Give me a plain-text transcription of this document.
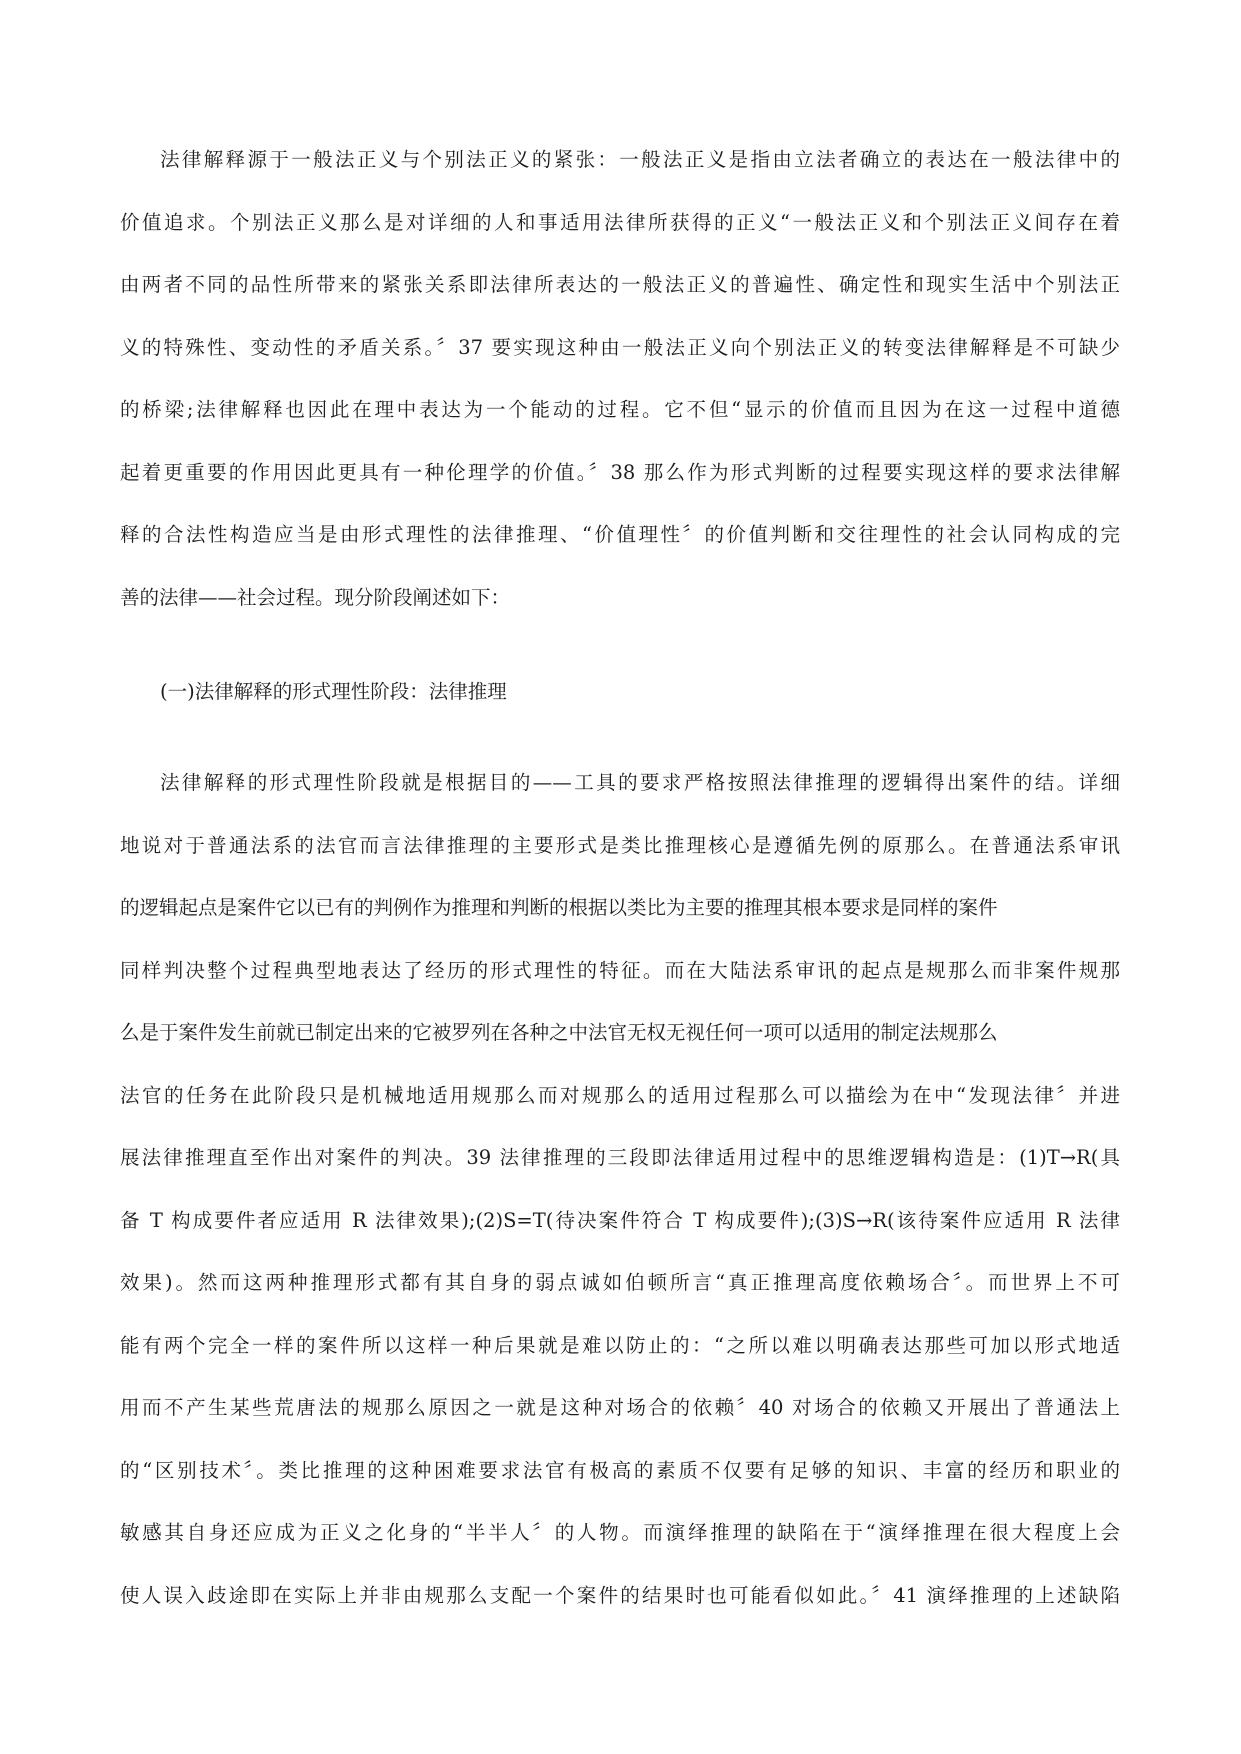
法律解释源于一般法正义与个别法正义的紧张：一般法正义是指由立法者确立的表达在一般法律中的
价值追求。个别法正义那么是对详细的人和事适用法律所获得的正义“一般法正义和个别法正义间存在着
由两者不同的品性所带来的紧张关系即法律所表达的一般法正义的普遍性、确定性和现实生活中个别法正
义的特殊性、变动性的矛盾关系。〞37 要实现这种由一般法正义向个别法正义的转变法律解释是不可缺少
的桥梁;法律解释也因此在理中表达为一个能动的过程。它不但“显示的价值而且因为在这一过程中道德
起着更重要的作用因此更具有一种伦理学的价值。〞38 那么作为形式判断的过程要实现这样的要求法律解
释的合法性构造应当是由形式理性的法律推理、“价值理性〞的价值判断和交往理性的社会认同构成的完
善的法律——社会过程。现分阶段阐述如下：
(一)法律解释的形式理性阶段：法律推理
法律解释的形式理性阶段就是根据目的——工具的要求严格按照法律推理的逻辑得出案件的结。详细
地说对于普通法系的法官而言法律推理的主要形式是类比推理核心是遵循先例的原那么。在普通法系审讯
的逻辑起点是案件它以已有的判例作为推理和判断的根据以类比为主要的推理其根本要求是同样的案件
同样判决整个过程典型地表达了经历的形式理性的特征。而在大陆法系审讯的起点是规那么而非案件规那
么是于案件发生前就已制定出来的它被罗列在各种之中法官无权无视任何一项可以适用的制定法规那么
法官的任务在此阶段只是机械地适用规那么而对规那么的适用过程那么可以描绘为在中“发现法律〞并进
展法律推理直至作出对案件的判决。39 法律推理的三段即法律适用过程中的思维逻辑构造是：(1)T→R(具
备 T 构成要件者应适用 R 法律效果);(2)S=T(待决案件符合 T 构成要件);(3)S→R(该待案件应适用 R 法律
效果)。然而这两种推理形式都有其自身的弱点诚如伯顿所言“真正推理高度依赖场合〞。而世界上不可
能有两个完全一样的案件所以这样一种后果就是难以防止的：“之所以难以明确表达那些可加以形式地适
用而不产生某些荒唐法的规那么原因之一就是这种对场合的依赖〞40 对场合的依赖又开展出了普通法上
的“区别技术〞。类比推理的这种困难要求法官有极高的素质不仅要有足够的知识、丰富的经历和职业的
敏感其自身还应成为正义之化身的“半半人〞的人物。而演绎推理的缺陷在于“演绎推理在很大程度上会
使人误入歧途即在实际上并非由规那么支配一个案件的结果时也可能看似如此。〞41 演绎推理的上述缺陷
